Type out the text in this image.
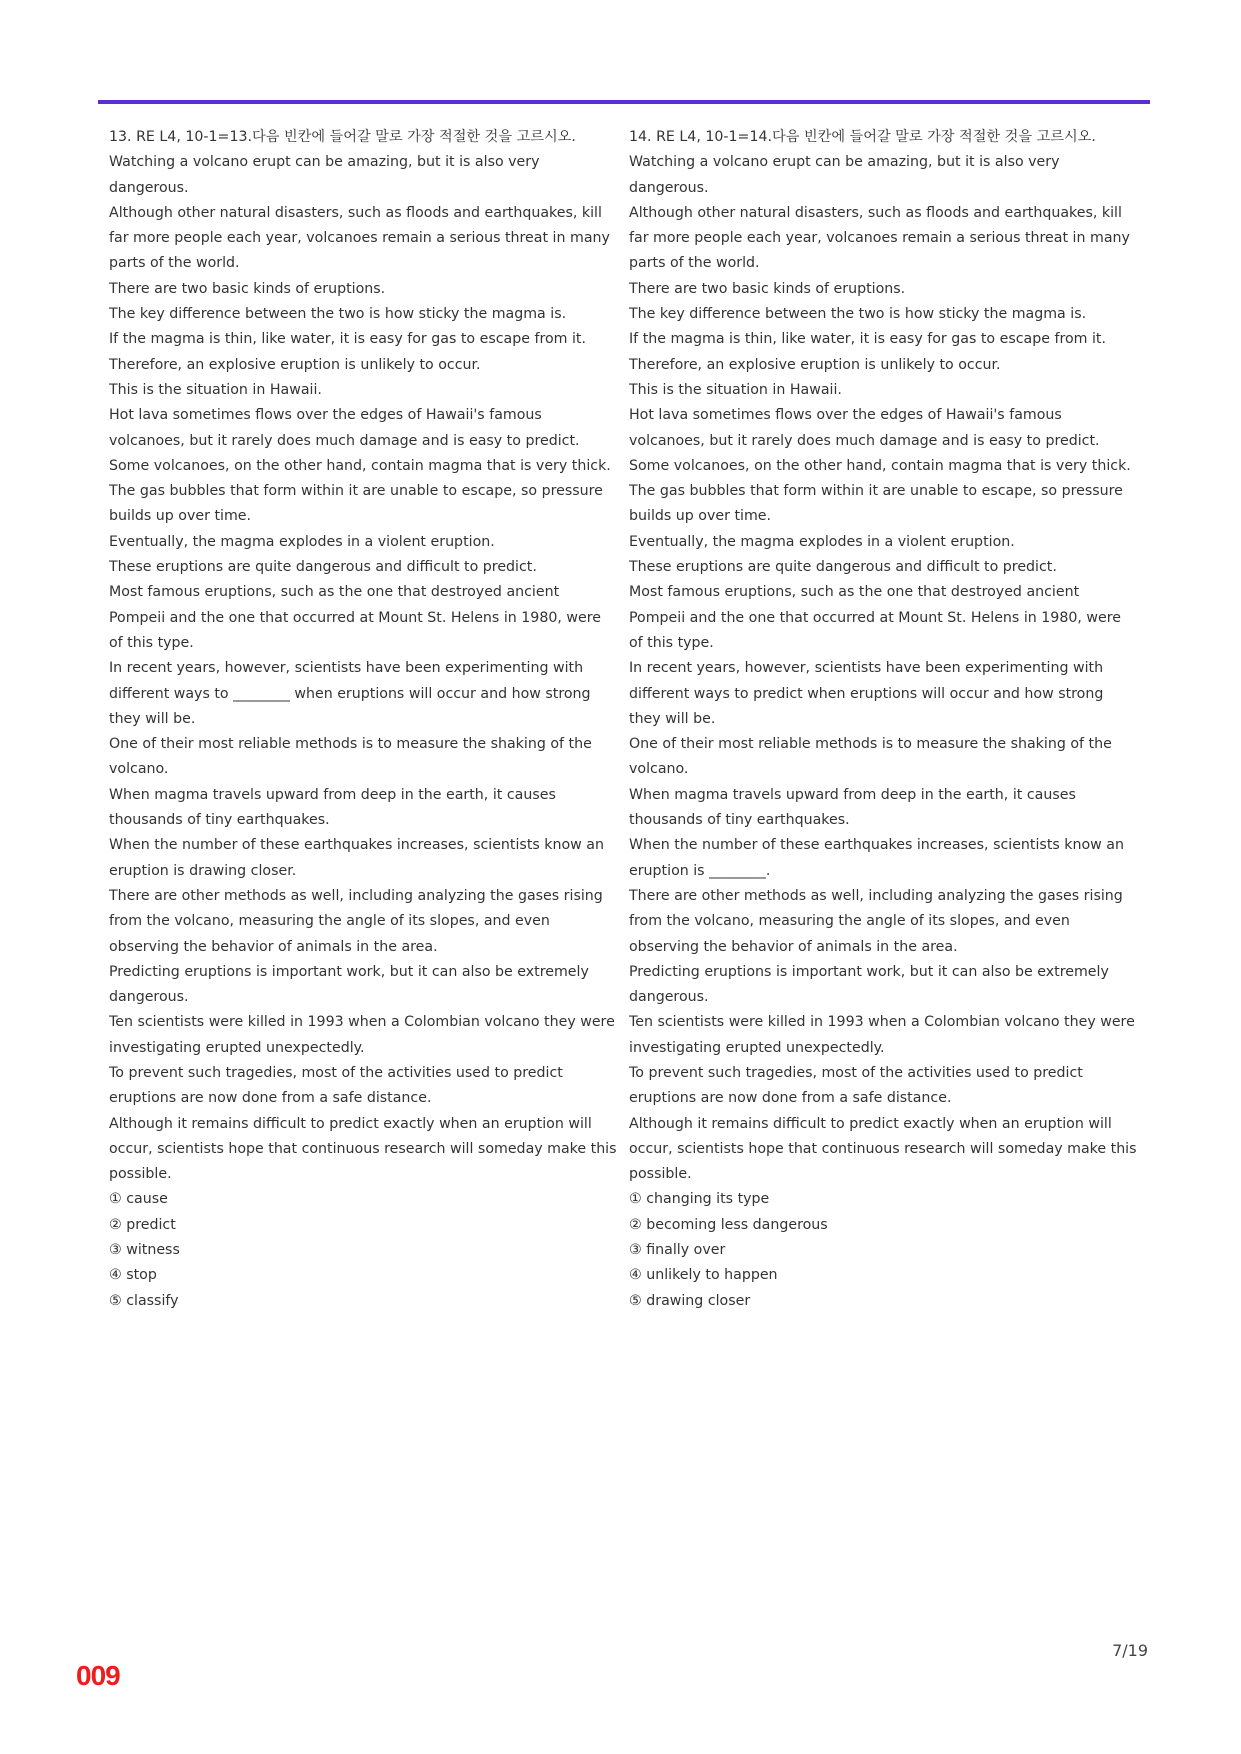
13. RE L4, 10-1=13.다음 빈칸에 들어갈 말로 가장 적절한 것을 고르시오.
Watching a volcano erupt can be amazing, but it is also very dangerous.
Although other natural disasters, such as floods and earthquakes, kill far more people each year, volcanoes remain a serious threat in many parts of the world.
There are two basic kinds of eruptions.
The key difference between the two is how sticky the magma is.
If the magma is thin, like water, it is easy for gas to escape from it.
Therefore, an explosive eruption is unlikely to occur.
This is the situation in Hawaii.
Hot lava sometimes flows over the edges of Hawaii's famous volcanoes, but it rarely does much damage and is easy to predict.
Some volcanoes, on the other hand, contain magma that is very thick.
The gas bubbles that form within it are unable to escape, so pressure builds up over time.
Eventually, the magma explodes in a violent eruption.
These eruptions are quite dangerous and difficult to predict.
Most famous eruptions, such as the one that destroyed ancient Pompeii and the one that occurred at Mount St. Helens in 1980, were of this type.
In recent years, however, scientists have been experimenting with different ways to ________ when eruptions will occur and how strong they will be.
One of their most reliable methods is to measure the shaking of the volcano.
When magma travels upward from deep in the earth, it causes thousands of tiny earthquakes.
When the number of these earthquakes increases, scientists know an eruption is drawing closer.
There are other methods as well, including analyzing the gases rising from the volcano, measuring the angle of its slopes, and even observing the behavior of animals in the area.
Predicting eruptions is important work, but it can also be extremely dangerous.
Ten scientists were killed in 1993 when a Colombian volcano they were investigating erupted unexpectedly.
To prevent such tragedies, most of the activities used to predict eruptions are now done from a safe distance.
Although it remains difficult to predict exactly when an eruption will occur, scientists hope that continuous research will someday make this possible.
① cause
② predict
③ witness
④ stop
⑤ classify
14. RE L4, 10-1=14.다음 빈칸에 들어갈 말로 가장 적절한 것을 고르시오.
Watching a volcano erupt can be amazing, but it is also very dangerous.
Although other natural disasters, such as floods and earthquakes, kill far more people each year, volcanoes remain a serious threat in many parts of the world.
There are two basic kinds of eruptions.
The key difference between the two is how sticky the magma is.
If the magma is thin, like water, it is easy for gas to escape from it.
Therefore, an explosive eruption is unlikely to occur.
This is the situation in Hawaii.
Hot lava sometimes flows over the edges of Hawaii's famous volcanoes, but it rarely does much damage and is easy to predict.
Some volcanoes, on the other hand, contain magma that is very thick.
The gas bubbles that form within it are unable to escape, so pressure builds up over time.
Eventually, the magma explodes in a violent eruption.
These eruptions are quite dangerous and difficult to predict.
Most famous eruptions, such as the one that destroyed ancient Pompeii and the one that occurred at Mount St. Helens in 1980, were of this type.
In recent years, however, scientists have been experimenting with different ways to predict when eruptions will occur and how strong they will be.
One of their most reliable methods is to measure the shaking of the volcano.
When magma travels upward from deep in the earth, it causes thousands of tiny earthquakes.
When the number of these earthquakes increases, scientists know an eruption is ________.
There are other methods as well, including analyzing the gases rising from the volcano, measuring the angle of its slopes, and even observing the behavior of animals in the area.
Predicting eruptions is important work, but it can also be extremely dangerous.
Ten scientists were killed in 1993 when a Colombian volcano they were investigating erupted unexpectedly.
To prevent such tragedies, most of the activities used to predict eruptions are now done from a safe distance.
Although it remains difficult to predict exactly when an eruption will occur, scientists hope that continuous research will someday make this possible.
① changing its type
② becoming less dangerous
③ finally over
④ unlikely to happen
⑤ drawing closer
7/19
009
